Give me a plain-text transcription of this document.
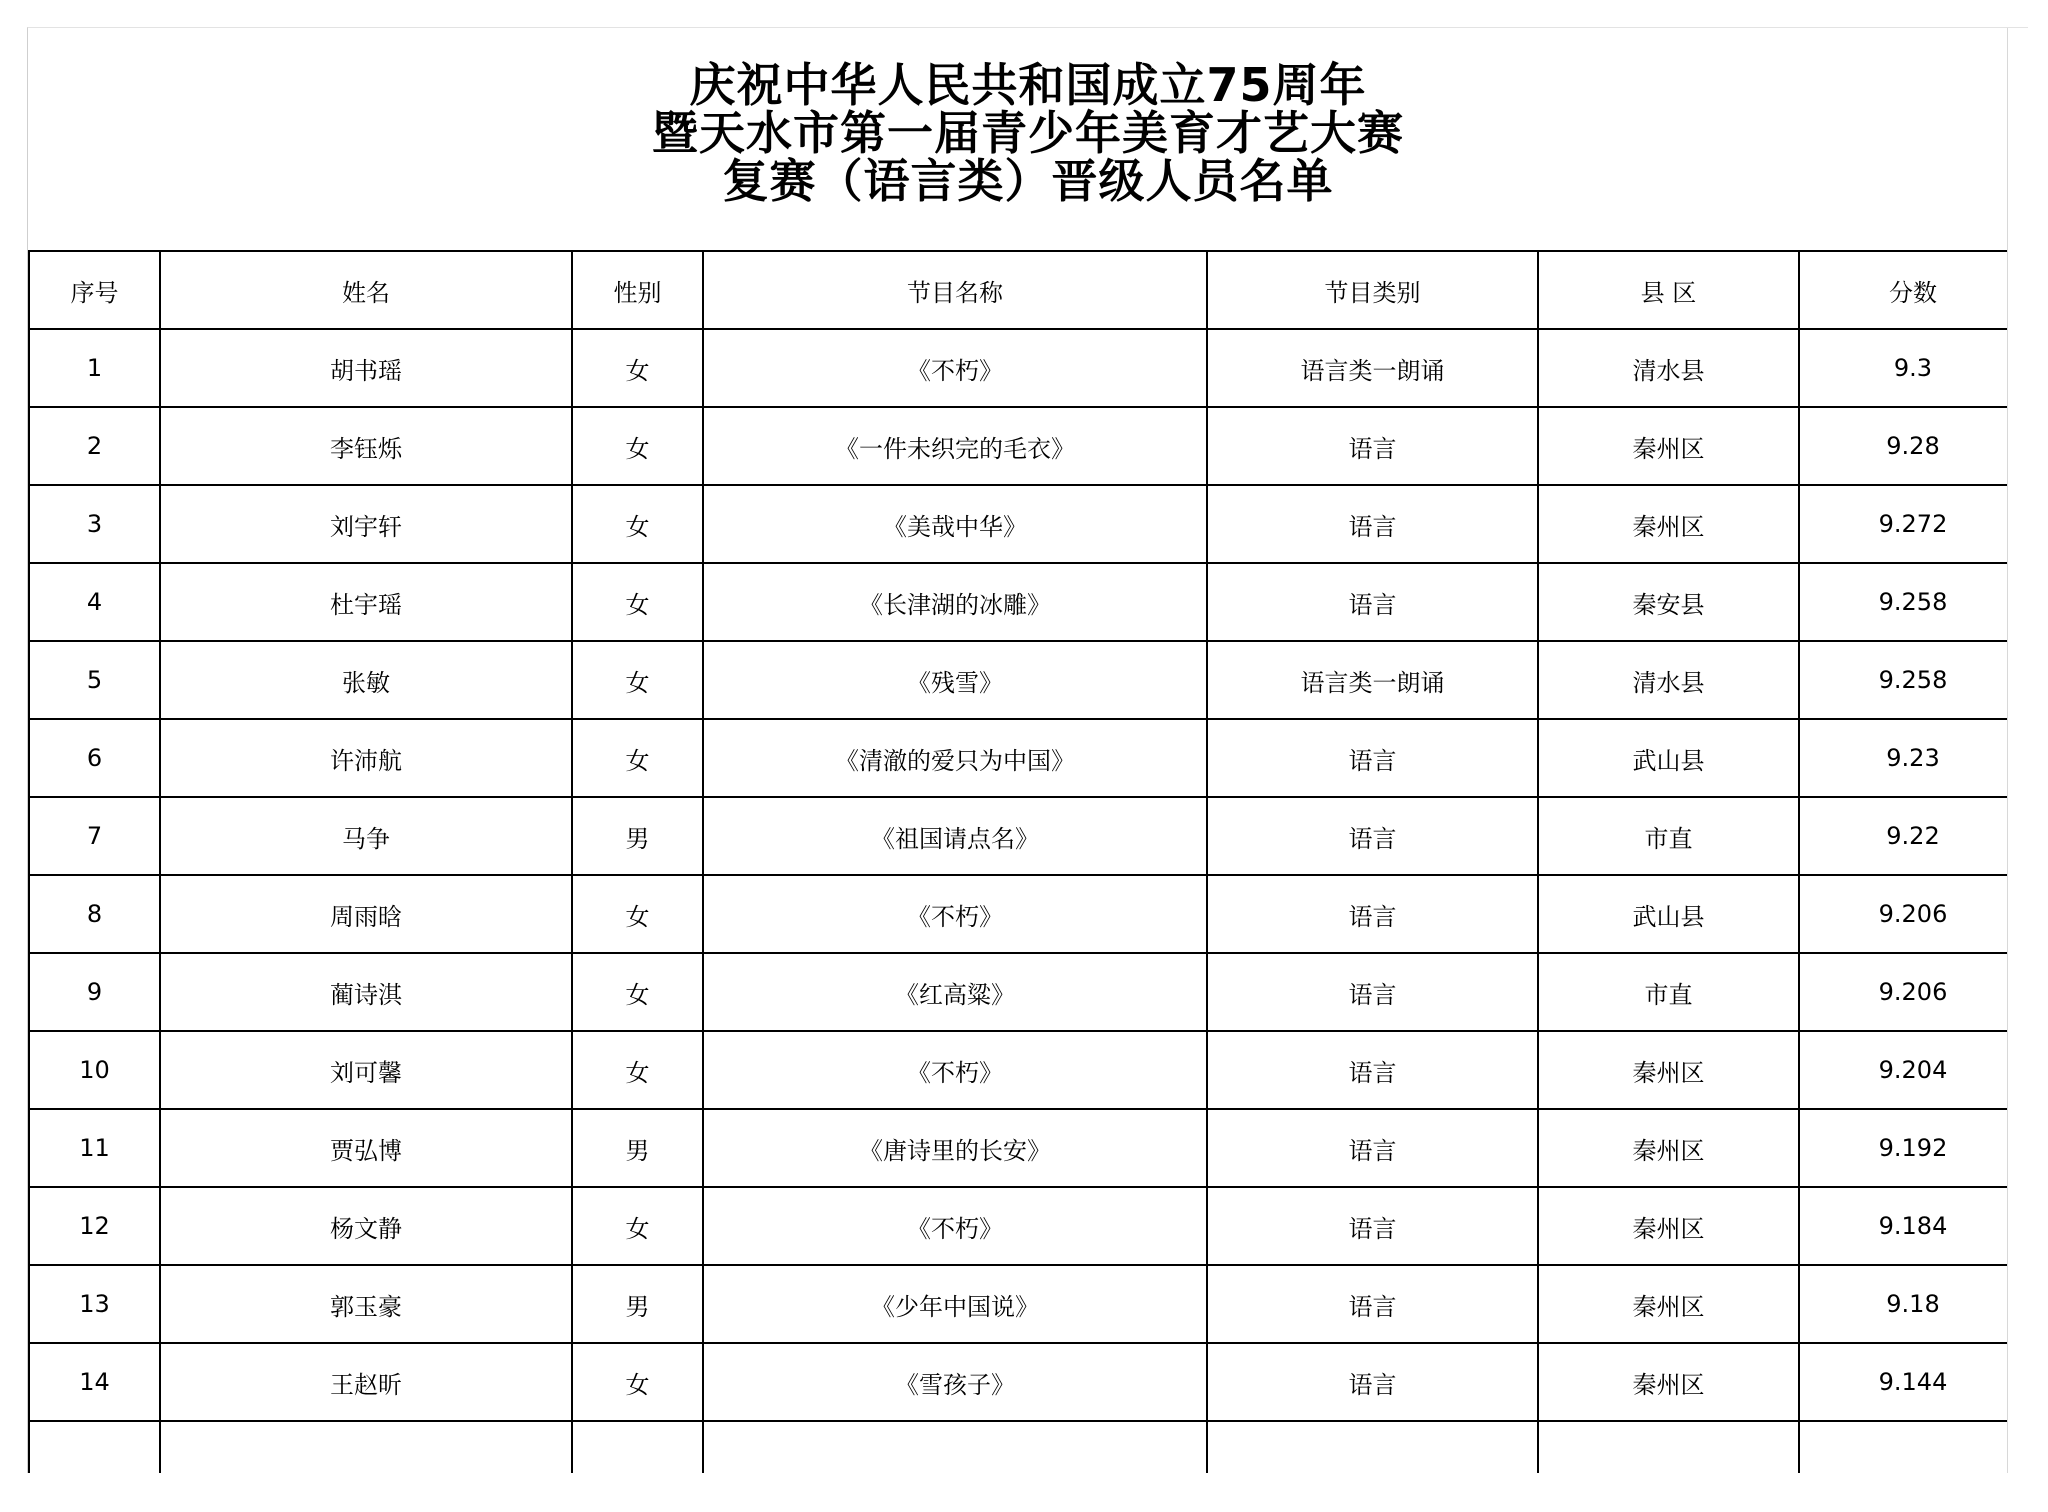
庆祝中华人民共和国成立75周年
暨天水市第一届青少年美育才艺大赛
复赛（语言类）晋级人员名单
序号	姓名	性别	节目名称	节目类别	县 区	分数
1	胡书瑶	女	《不朽》	语言类一朗诵	清水县	9.3
2	李钰烁	女	《一件未织完的毛衣》	语言	秦州区	9.28
3	刘宇轩	女	《美哉中华》	语言	秦州区	9.272
4	杜宇瑶	女	《长津湖的冰雕》	语言	秦安县	9.258
5	张敏	女	《残雪》	语言类一朗诵	清水县	9.258
6	许沛航	女	《清澈的爱只为中国》	语言	武山县	9.23
7	马争	男	《祖国请点名》	语言	市直	9.22
8	周雨晗	女	《不朽》	语言	武山县	9.206
9	蔺诗淇	女	《红高粱》	语言	市直	9.206
10	刘可馨	女	《不朽》	语言	秦州区	9.204
11	贾弘博	男	《唐诗里的长安》	语言	秦州区	9.192
12	杨文静	女	《不朽》	语言	秦州区	9.184
13	郭玉豪	男	《少年中国说》	语言	秦州区	9.18
14	王赵昕	女	《雪孩子》	语言	秦州区	9.144
